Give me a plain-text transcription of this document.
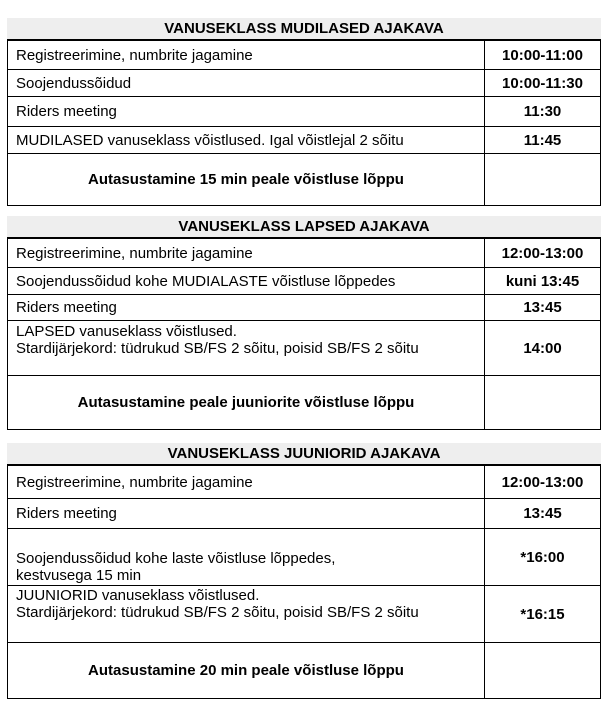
VANUSEKLASS MUDILASED AJAKAVA
Registreerimine, numbrite jagamine	10:00-11:00
Soojendussõidud	10:00-11:30
Riders meeting	11:30
MUDILASED vanuseklass võistlused. Igal võistlejal 2 sõitu	11:45
Autasustamine 15 min peale võistluse lõppu	
VANUSEKLASS LAPSED AJAKAVA
Registreerimine, numbrite jagamine	12:00-13:00
Soojendussõidud kohe MUDIALASTE võistluse lõppedes	kuni 13:45
Riders meeting	13:45

LAPSED vanuseklass võistlused.
Stardijärjekord: tüdrukud SB/FS 2 sõitu, poisid SB/FS 2 sõitu	14:00
Autasustamine peale juuniorite võistluse lõppu	
VANUSEKLASS JUUNIORID AJAKAVA
Registreerimine, numbrite jagamine	12:00-13:00
Riders meeting	13:45

Soojendussõidud kohe laste võistluse lõppedes,
kestvusega 15 min	*16:00

JUUNIORID vanuseklass võistlused.
Stardijärjekord: tüdrukud SB/FS 2 sõitu, poisid SB/FS 2 sõitu	*16:15
Autasustamine 20 min peale võistluse lõppu	
